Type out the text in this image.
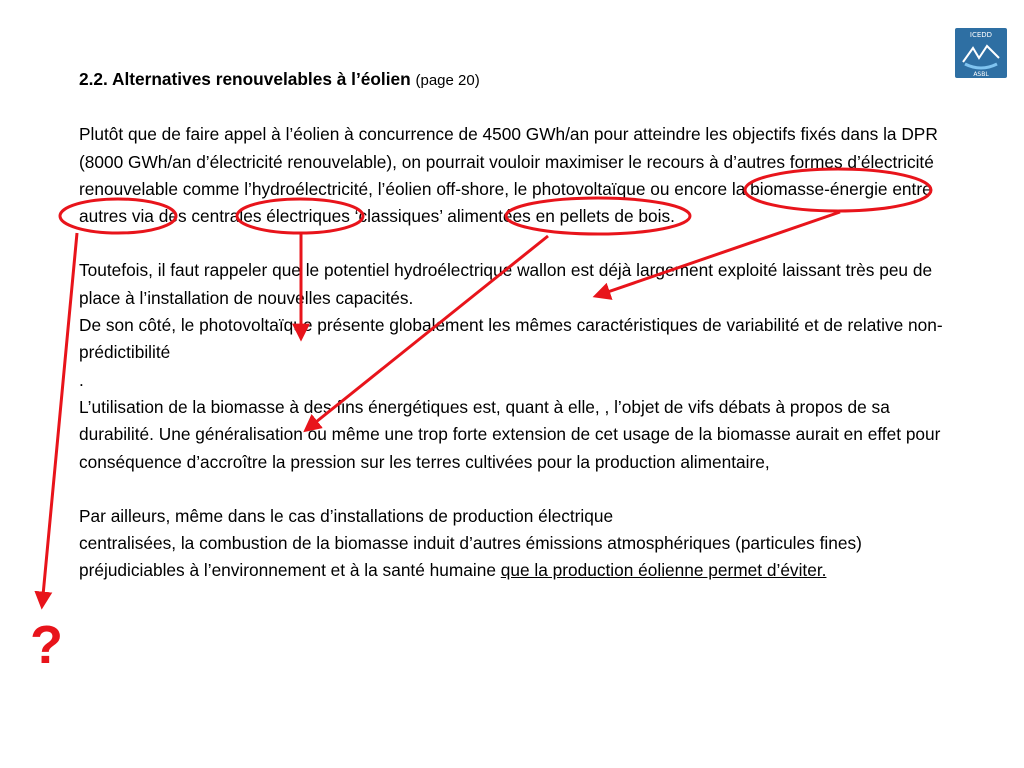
2.2. Alternatives renouvelables à l’éolien (page 20)
Plutôt que de faire appel à l’éolien à concurrence de 4500 GWh/an pour atteindre les objectifs fixés dans la DPR (8000 GWh/an d’électricité renouvelable), on pourrait vouloir maximiser le recours à d’autres formes d’électricité renouvelable comme l’hydroélectricité, l’éolien off-shore, le photovoltaïque ou encore la biomasse-énergie entre autres via des centrales électriques ‘classiques’ alimentées en pellets de bois.
Toutefois, il faut rappeler que le potentiel hydroélectrique wallon est déjà largement exploité laissant très peu de place à l’installation de nouvelles capacités.
De son côté, le photovoltaïque présente globalement les mêmes caractéristiques de variabilité et de relative non-prédictibilité
.
L’utilisation de la biomasse à des fins énergétiques est, quant à elle, , l’objet de vifs débats à propos de sa durabilité. Une généralisation ou même une trop forte extension de cet usage de la biomasse aurait en effet pour conséquence d’accroître la pression sur les terres cultivées pour la production alimentaire,
Par ailleurs, même dans le cas d’installations de production électrique
centralisées, la combustion de la biomasse induit d’autres émissions atmosphériques (particules fines) préjudiciables à l’environnement et à la santé humaine que la production éolienne permet d’éviter.
ICEDD
ASBL
?
